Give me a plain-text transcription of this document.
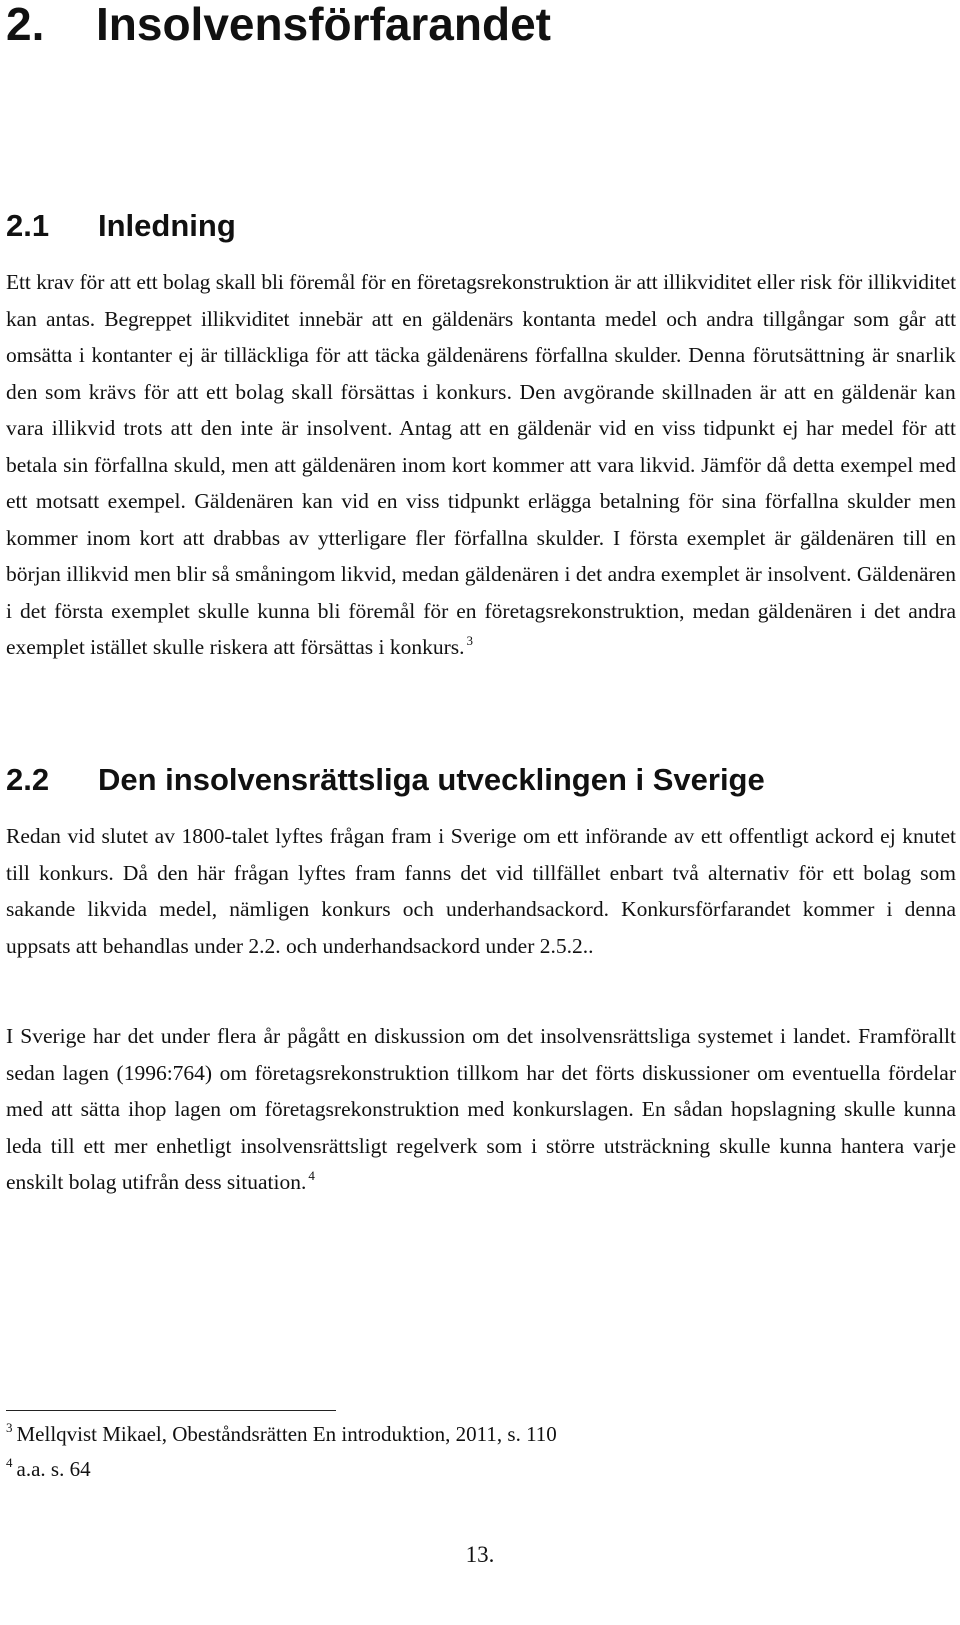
2. Insolvensförfarandet
2.1 Inledning

Ett krav för att ett bolag skall bli föremål för en företagsrekonstruktion är att illikviditet eller risk för illikviditet kan antas. Begreppet illikviditet innebär att en gäldenärs kontanta medel och andra tillgångar som går att omsätta i kontanter ej är tilläckliga för att täcka gäldenärens förfallna skulder. Denna förutsättning är snarlik den som krävs för att ett bolag skall försättas i konkurs. Den avgörande skillnaden är att en gäldenär kan vara illikvid trots att den inte är insolvent. Antag att en gäldenär vid en viss tidpunkt ej har medel för att betala sin förfallna skuld, men att gäldenären inom kort kommer att vara likvid. Jämför då detta exempel med ett motsatt exempel. Gäldenären kan vid en viss tidpunkt erlägga betalning för sina förfallna skulder men kommer inom kort att drabbas av ytterligare fler förfallna skulder. I första exemplet är gäldenären till en början illikvid men blir så småningom likvid, medan gäldenären i det andra exemplet är insolvent. Gäldenären i det första exemplet skulle kunna bli föremål för en företagsrekonstruktion, medan gäldenären i det andra exemplet istället skulle riskera att försättas i konkurs. $^3$

2.2 Den insolvensrättsliga utvecklingen i Sverige

Redan vid slutet av 1800-talet lyftes frågan fram i Sverige om ett införande av ett offentligt ackord ej knutet till konkurs. Då den här frågan lyftes fram fanns det vid tillfället enbart två alternativ för ett bolag som sakande likvida medel, nämligen konkurs och underhandsackord. Konkursförfarandet kommer i denna uppsats att behandlas under 2.2. och underhandsackord under 2.5.2..

I Sverige har det under flera år pågått en diskussion om det insolvensrättsliga systemet i landet. Framförallt sedan lagen (1996:764) om företagsrekonstruktion tillkom har det förts diskussioner om eventuella fördelar med att sätta ihop lagen om företagsrekonstruktion med konkurslagen. En sådan hopslagning skulle kunna leda till ett mer enhetligt insolvensrättsligt regelverk som i större utsträckning skulle kunna hantera varje enskilt bolag utifrån dess situation. $^4$

$^3$ Mellqvist Mikael, Obeståndsrätten En introduktion, 2011, s. 110

$^4$ a.a. s. 64

13.
